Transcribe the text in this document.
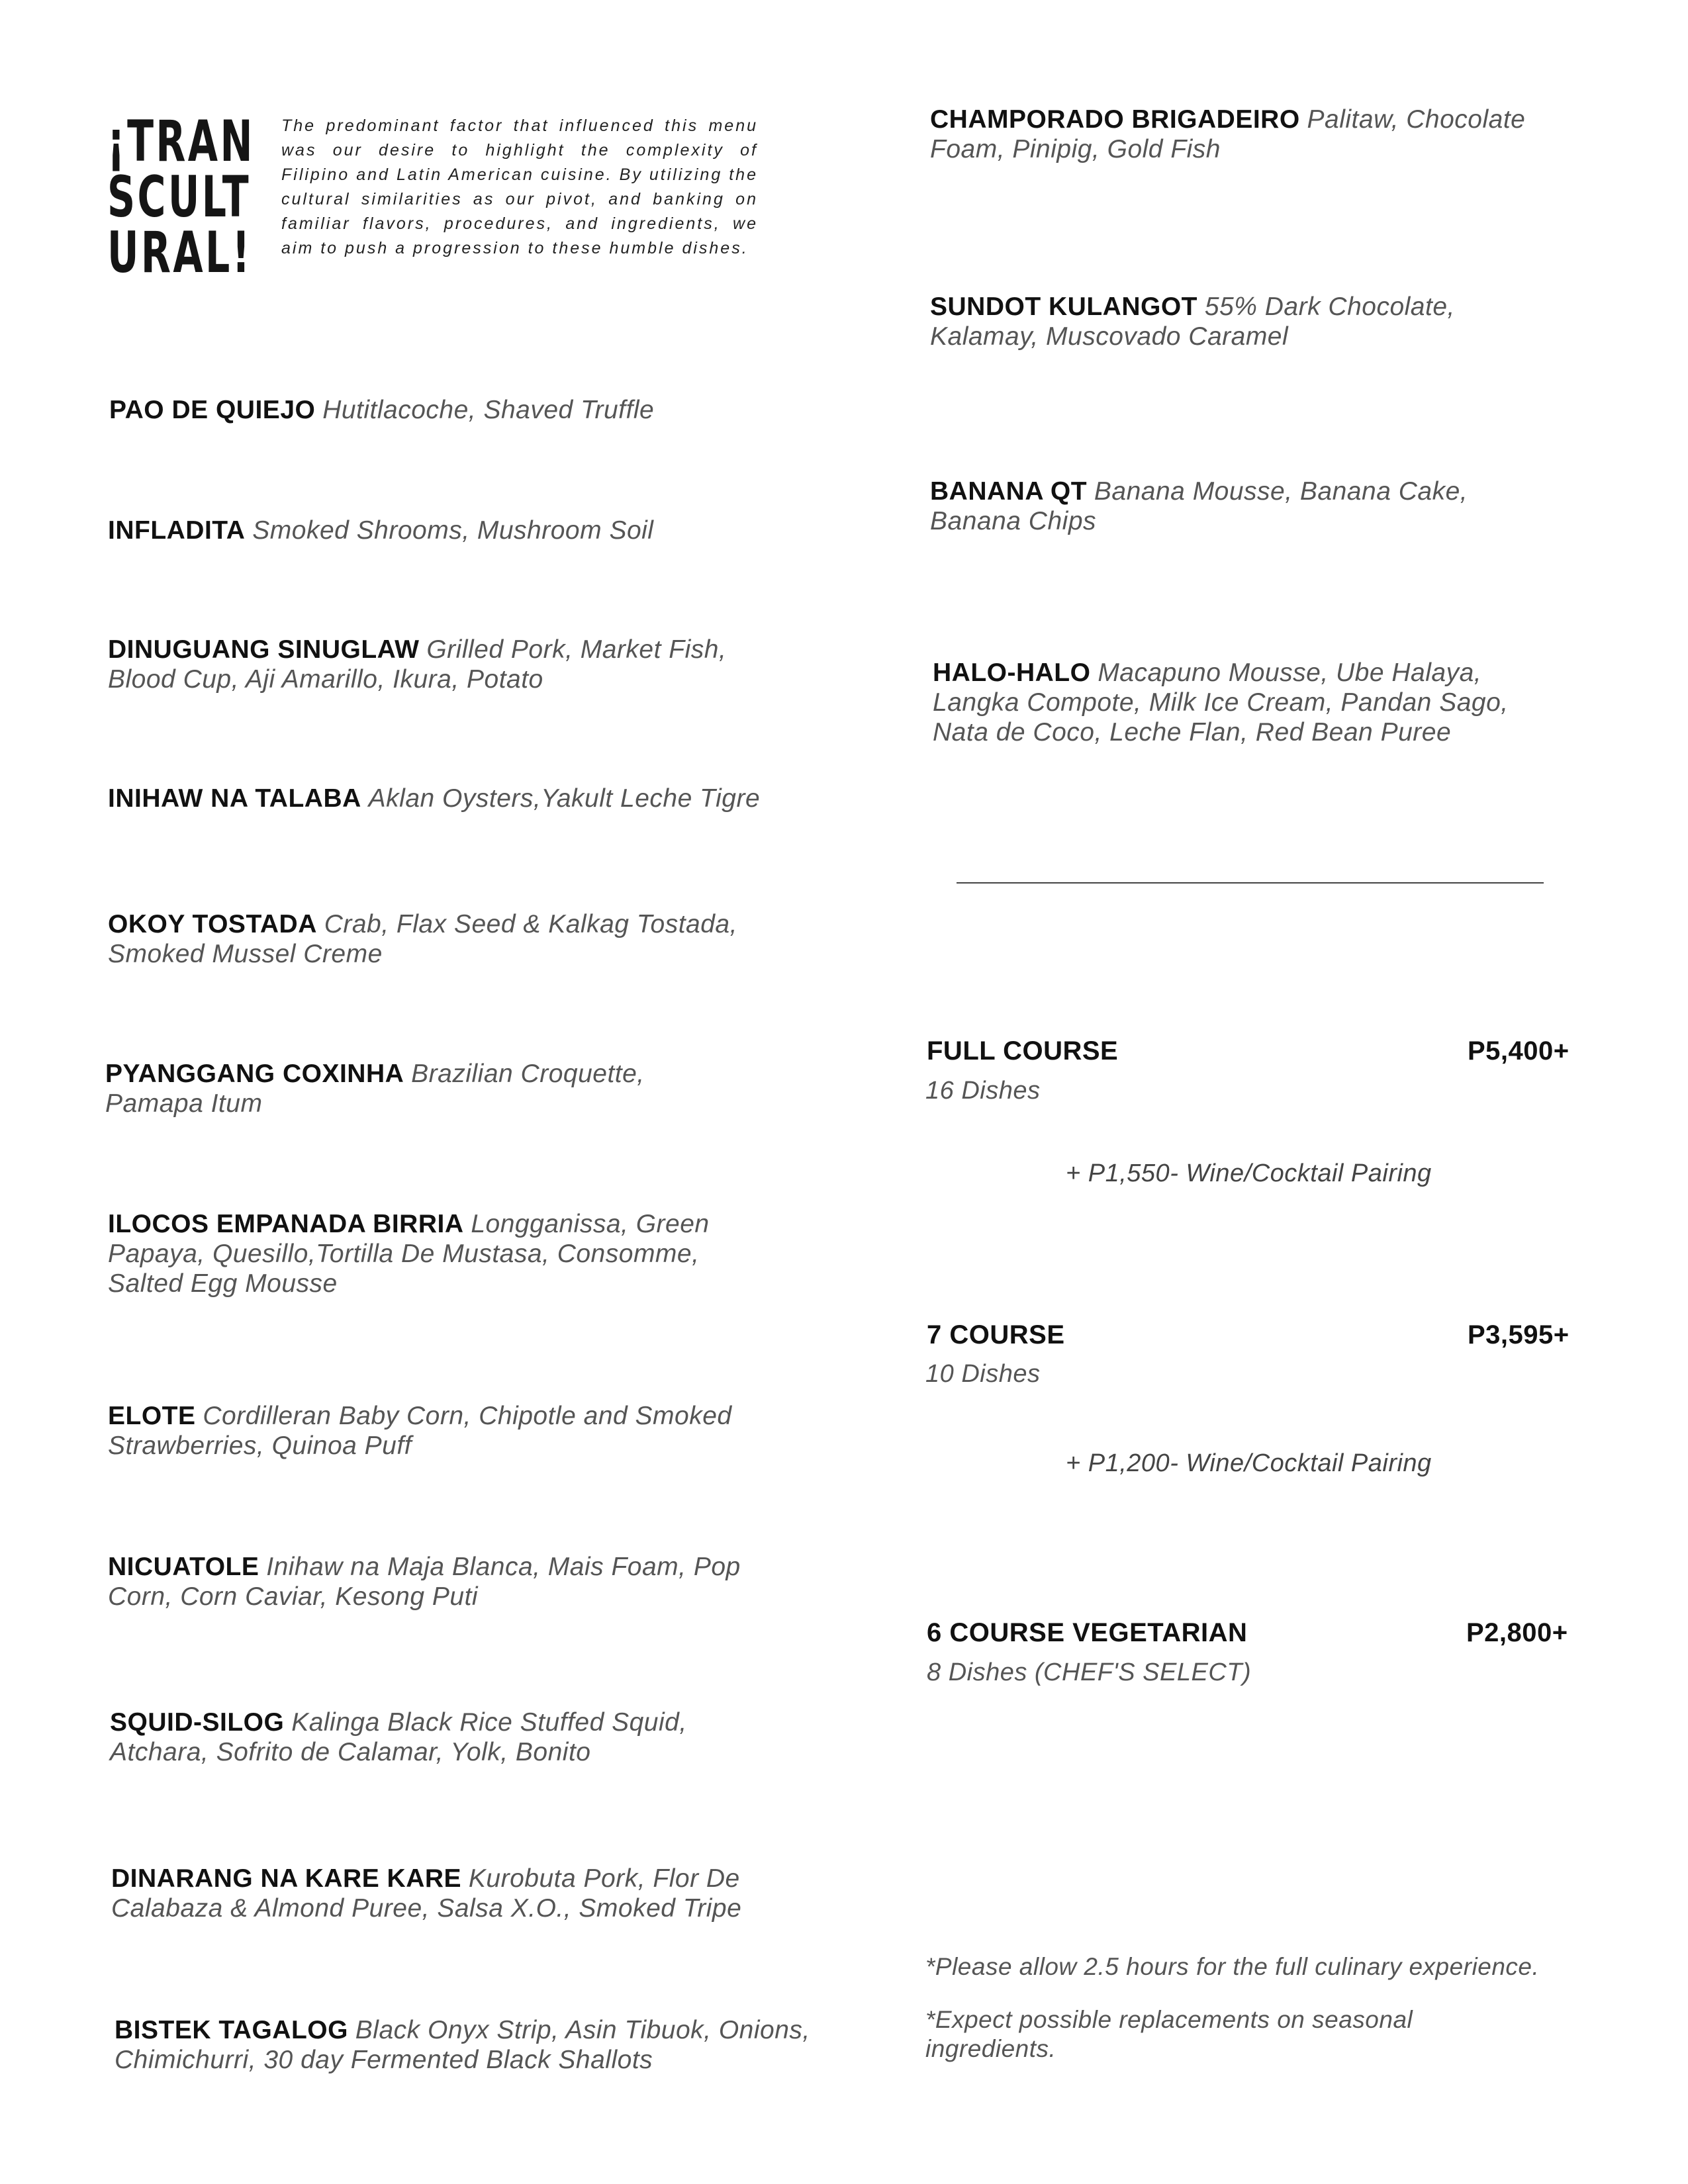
¡TRAN
SCULT
URAL!
The predominant factor that influenced this menu was our desire to highlight the complexity of Filipino and Latin American cuisine. By utilizing the cultural similarities as our pivot, and banking on familiar flavors, procedures, and ingredients, we aim to push a progression to these humble dishes.
PAO DE QUIEJO Hutitlacoche, Shaved Truffle
INFLADITA Smoked Shrooms, Mushroom Soil
DINUGUANG SINUGLAW Grilled Pork, Market Fish, Blood Cup, Aji Amarillo, Ikura, Potato
INIHAW NA TALABA Aklan Oysters,Yakult Leche Tigre
OKOY TOSTADA Crab, Flax Seed & Kalkag Tostada, Smoked Mussel Creme
PYANGGANG COXINHA Brazilian Croquette, Pamapa Itum
ILOCOS EMPANADA BIRRIA Longganissa, Green Papaya, Quesillo,Tortilla De Mustasa, Consomme, Salted Egg Mousse
ELOTE Cordilleran Baby Corn, Chipotle and Smoked Strawberries, Quinoa Puff
NICUATOLE Inihaw na Maja Blanca, Mais Foam, Pop Corn, Corn Caviar, Kesong Puti
SQUID-SILOG Kalinga Black Rice Stuffed Squid, Atchara, Sofrito de Calamar, Yolk, Bonito
DINARANG NA KARE KARE Kurobuta Pork, Flor De Calabaza & Almond Puree, Salsa X.O., Smoked Tripe
BISTEK TAGALOG Black Onyx Strip, Asin Tibuok, Onions, Chimichurri, 30 day Fermented Black Shallots
CHAMPORADO BRIGADEIRO Palitaw, Chocolate Foam, Pinipig, Gold Fish
SUNDOT KULANGOT 55% Dark Chocolate, Kalamay, Muscovado Caramel
BANANA QT Banana Mousse, Banana Cake, Banana Chips
HALO-HALO Macapuno Mousse, Ube Halaya, Langka Compote, Milk Ice Cream, Pandan Sago, Nata de Coco, Leche Flan, Red Bean Puree
FULL COURSE	P5,400+
16 Dishes
+ P1,550- Wine/Cocktail Pairing
7 COURSE	P3,595+
10 Dishes
+ P1,200- Wine/Cocktail Pairing
6 COURSE VEGETARIAN	P2,800+
8 Dishes (CHEF'S SELECT)
*Please allow 2.5 hours for the full culinary experience.
*Expect possible replacements on seasonal ingredients.
